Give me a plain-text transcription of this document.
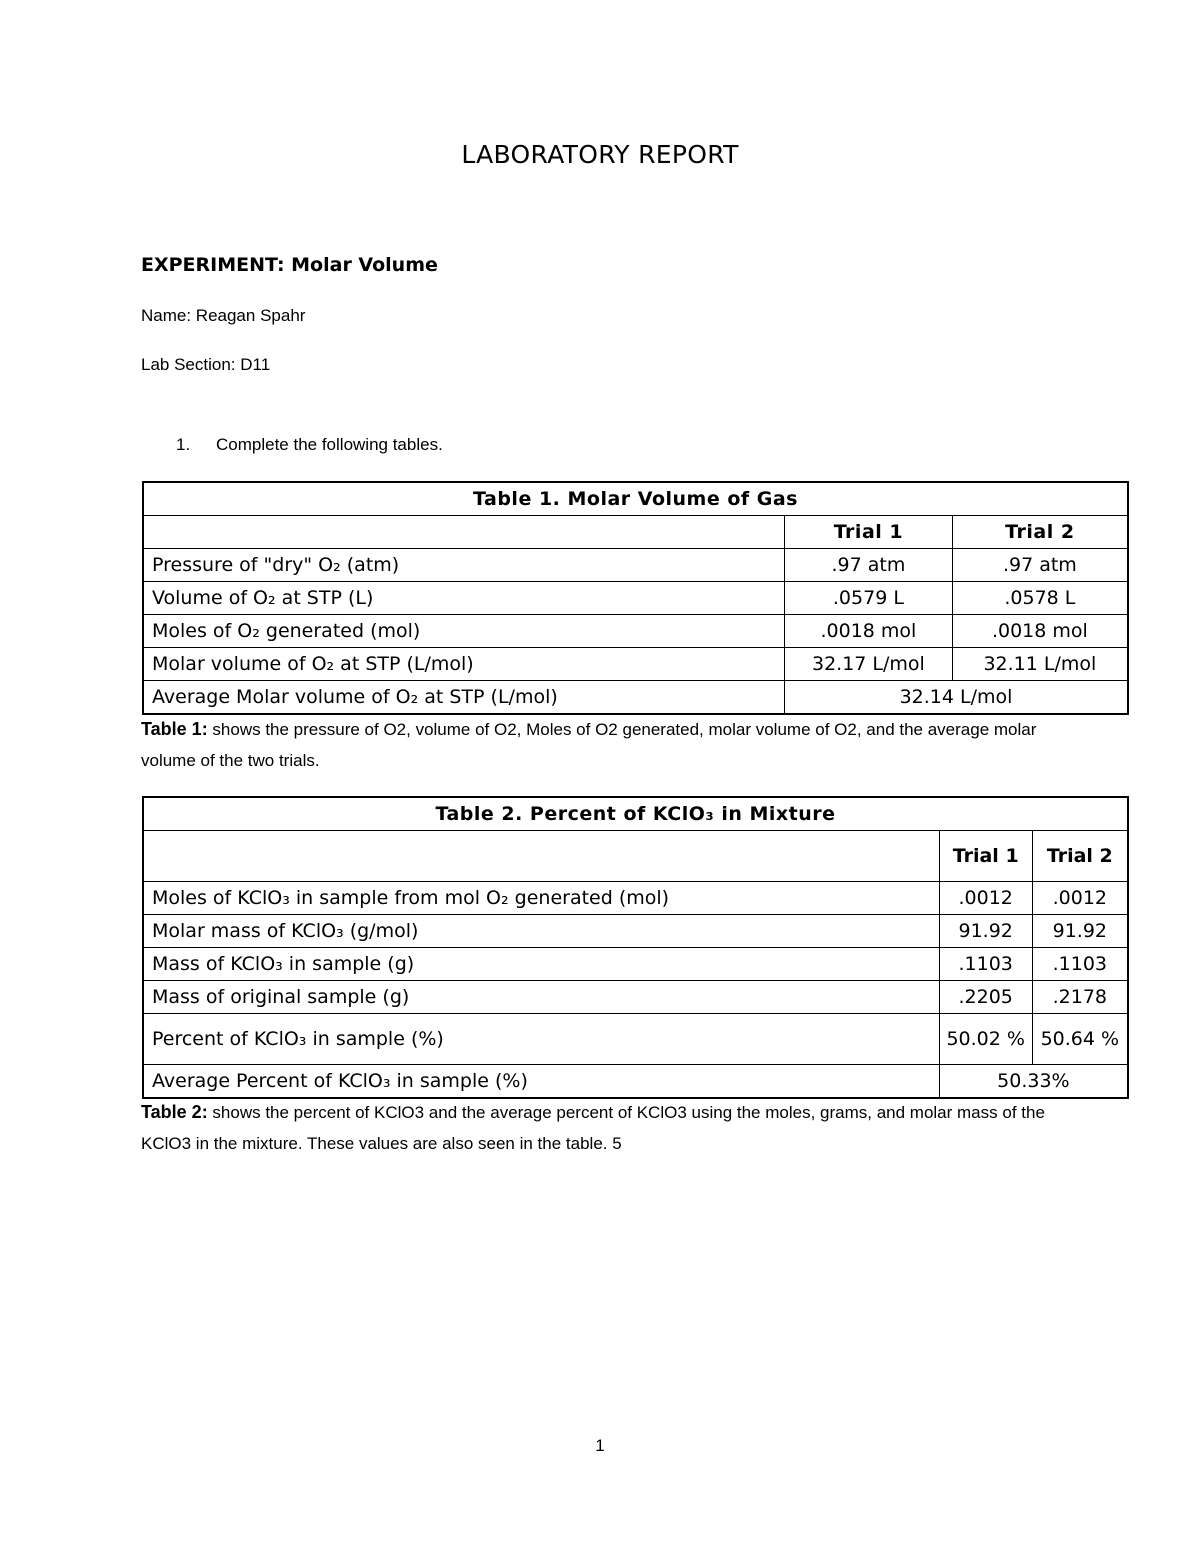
LABORATORY REPORT
EXPERIMENT: Molar Volume
Name: Reagan Spahr
Lab Section: D11
1. Complete the following tables.
Table 1. Molar Volume of Gas		
	Trial 1	Trial 2
Pressure of "dry" O₂ (atm)	.97 atm	.97 atm
Volume of O₂ at STP (L)	.0579 L	.0578 L
Moles of O₂ generated (mol)	.0018 mol	.0018 mol
Molar volume of O₂ at STP (L/mol)	32.17 L/mol	32.11 L/mol
Average Molar volume of O₂ at STP (L/mol)	32.14 L/mol	
Table 1: shows the pressure of O2, volume of O2, Moles of O2 generated, molar volume of O2, and the average molar volume of the two trials.
Table 2. Percent of KClO₃ in Mixture		
	Trial 1	Trial 2
Moles of KClO₃ in sample from mol O₂ generated (mol)	.0012	.0012
Molar mass of KClO₃ (g/mol)	91.92	91.92
Mass of KClO₃ in sample (g)	.1103	.1103
Mass of original sample (g)	.2205	.2178
Percent of KClO₃ in sample (%)	50.02 %	50.64 %
Average Percent of KClO₃ in sample (%)	50.33%	
Table 2: shows the percent of KClO3 and the average percent of KClO3 using the moles, grams, and molar mass of the KClO3 in the mixture. These values are also seen in the table. 5
1
